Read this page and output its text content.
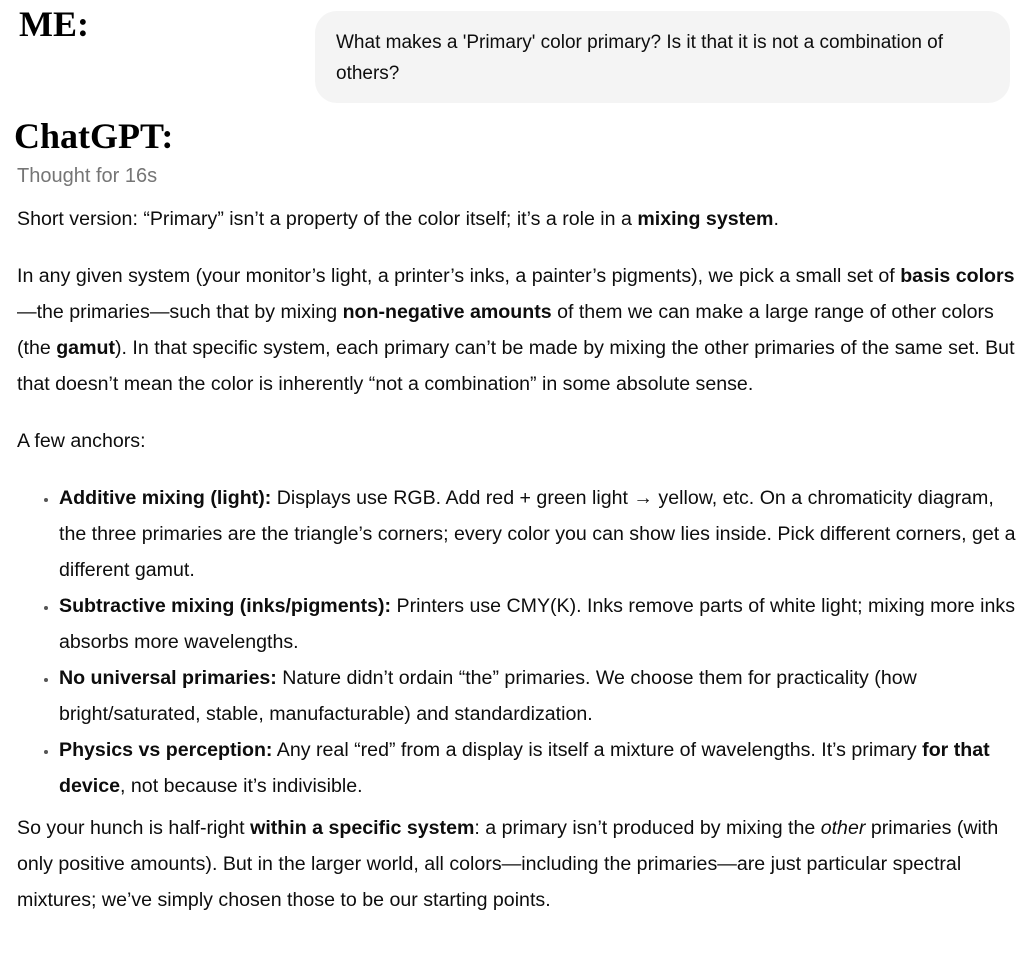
ME:	What makes a 'Primary' color primary? Is it that it is not a combination of others?
ChatGPT:
Thought for 16s

Short version: “Primary” isn’t a property of the color itself; it’s a role in a mixing system.

In any given system (your monitor’s light, a printer’s inks, a painter’s pigments), we pick a small set of basis colors—the primaries—such that by mixing non-negative amounts of them we can make a large range of other colors (the gamut). In that specific system, each primary can’t be made by mixing the other primaries of the same set. But that doesn’t mean the color is inherently “not a combination” in some absolute sense.

A few anchors:

• Additive mixing (light): Displays use RGB. Add red + green light → yellow, etc. On a chromaticity diagram, the three primaries are the triangle’s corners; every color you can show lies inside. Pick different corners, get a different gamut.
• Subtractive mixing (inks/pigments): Printers use CMY(K). Inks remove parts of white light; mixing more inks absorbs more wavelengths.
• No universal primaries: Nature didn’t ordain “the” primaries. We choose them for practicality (how bright/saturated, stable, manufacturable) and standardization.
• Physics vs perception: Any real “red” from a display is itself a mixture of wavelengths. It’s primary for that device, not because it’s indivisible.

So your hunch is half-right within a specific system: a primary isn’t produced by mixing the other primaries (with only positive amounts). But in the larger world, all colors—including the primaries—are just particular spectral mixtures; we’ve simply chosen those to be our starting points.
